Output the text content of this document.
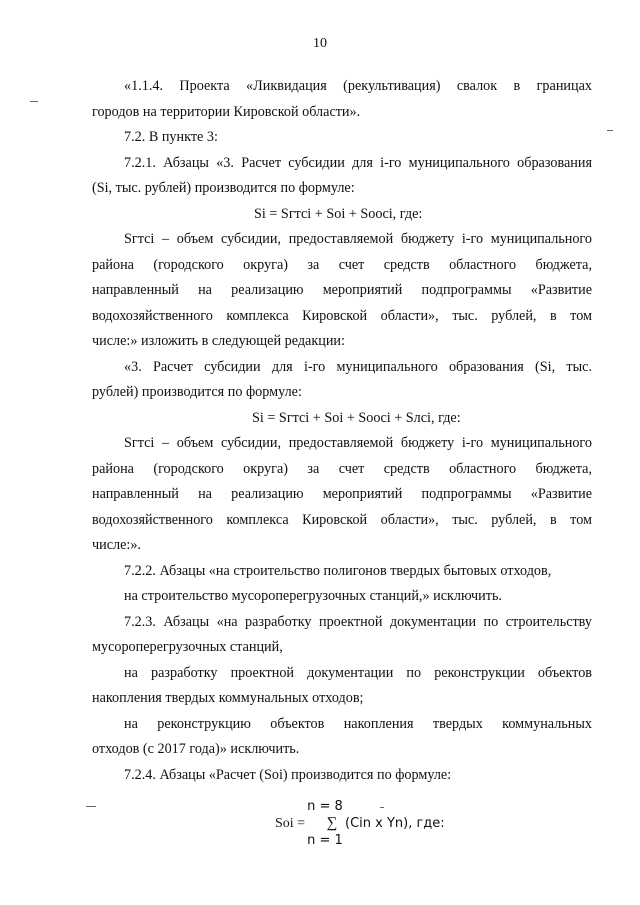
10
«1.1.4. Проекта «Ликвидация (рекультивация) свалок в границах
городов на территории Кировской области».
7.2. В пункте 3:
7.2.1. Абзацы «3. Расчет субсидии для i-го муниципального образования
(Si, тыс. рублей) производится по формуле:
Si = Sгтсi + Soi + Soocі, где:
Sгтсi – объем субсидии, предоставляемой бюджету i-го муниципального
района (городского округа) за счет средств областного бюджета,
направленный на реализацию мероприятий подпрограммы «Развитие
водохозяйственного комплекса Кировской области», тыс. рублей, в том
числе:» изложить в следующей редакции:
«3. Расчет субсидии для i-го муниципального образования (Si, тыс.
рублей) производится по формуле:
Si = Sгтсi + Soi + Soocі + Sлсi, где:
Sгтсi – объем субсидии, предоставляемой бюджету i-го муниципального
района (городского округа) за счет средств областного бюджета,
направленный на реализацию мероприятий подпрограммы «Развитие
водохозяйственного комплекса Кировской области», тыс. рублей, в том
числе:».
7.2.2. Абзацы «на строительство полигонов твердых бытовых отходов,
на строительство мусороперегрузочных станций,» исключить.
7.2.3. Абзацы «на разработку проектной документации по строительству
мусороперегрузочных станций,
на разработку проектной документации по реконструкции объектов
накопления твердых коммунальных отходов;
на реконструкцию объектов накопления твердых коммунальных
отходов (с 2017 года)» исключить.
7.2.4. Абзацы «Расчет (Soi) производится по формуле:
n = 8
Soi = ∑ (Cin x Yn), где:
n = 1
